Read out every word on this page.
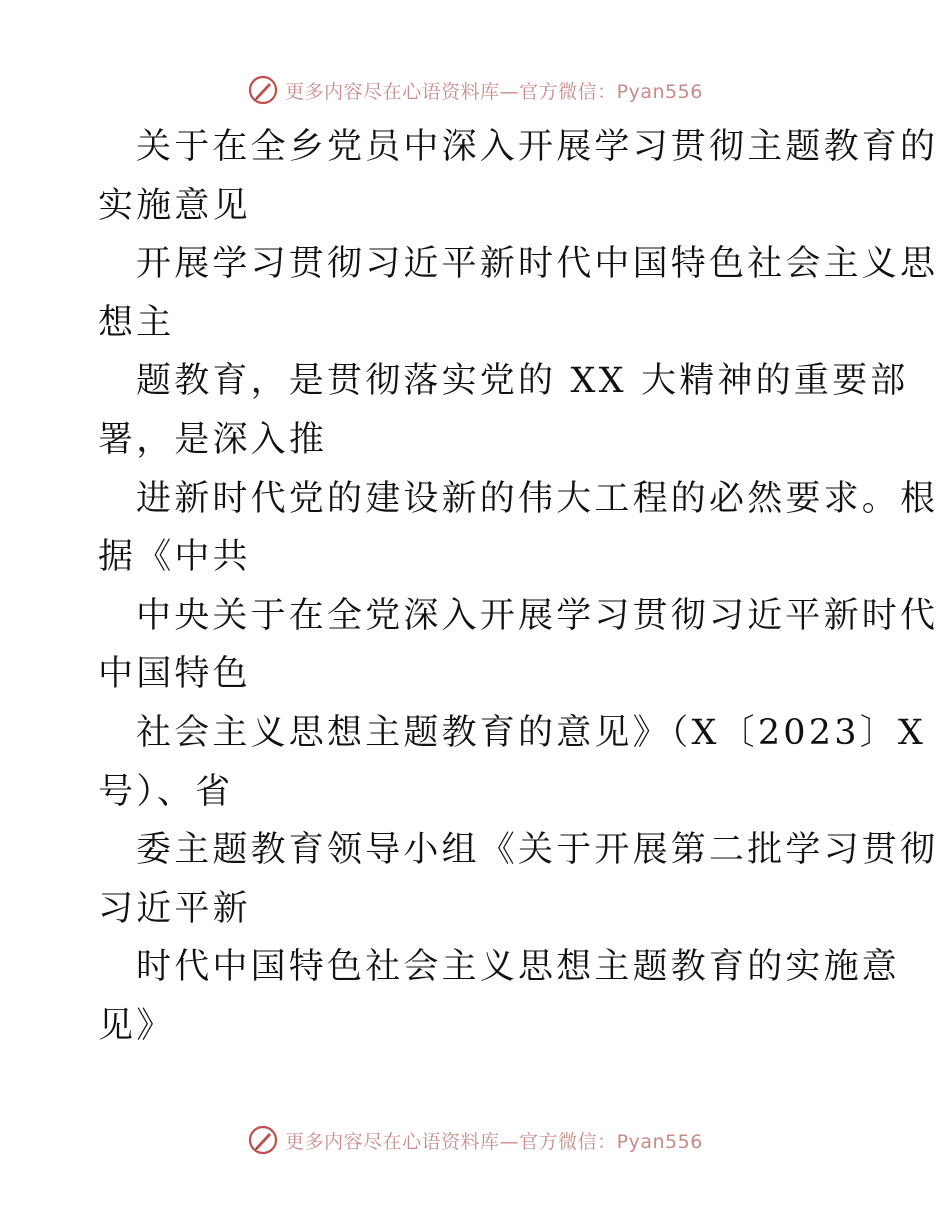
更多内容尽在心语资料库—官方微信：Pyan556
关于在全乡党员中深入开展学习贯彻主题教育的
实施意见
开展学习贯彻习近平新时代中国特色社会主义思
想主
题教育，是贯彻落实党的 XX 大精神的重要部
署，是深入推
进新时代党的建设新的伟大工程的必然要求。根
据《中共
中央关于在全党深入开展学习贯彻习近平新时代
中国特色
社会主义思想主题教育的意见》（X〔2023〕X
号）、省
委主题教育领导小组《关于开展第二批学习贯彻
习近平新
时代中国特色社会主义思想主题教育的实施意
见》
更多内容尽在心语资料库—官方微信：Pyan556
